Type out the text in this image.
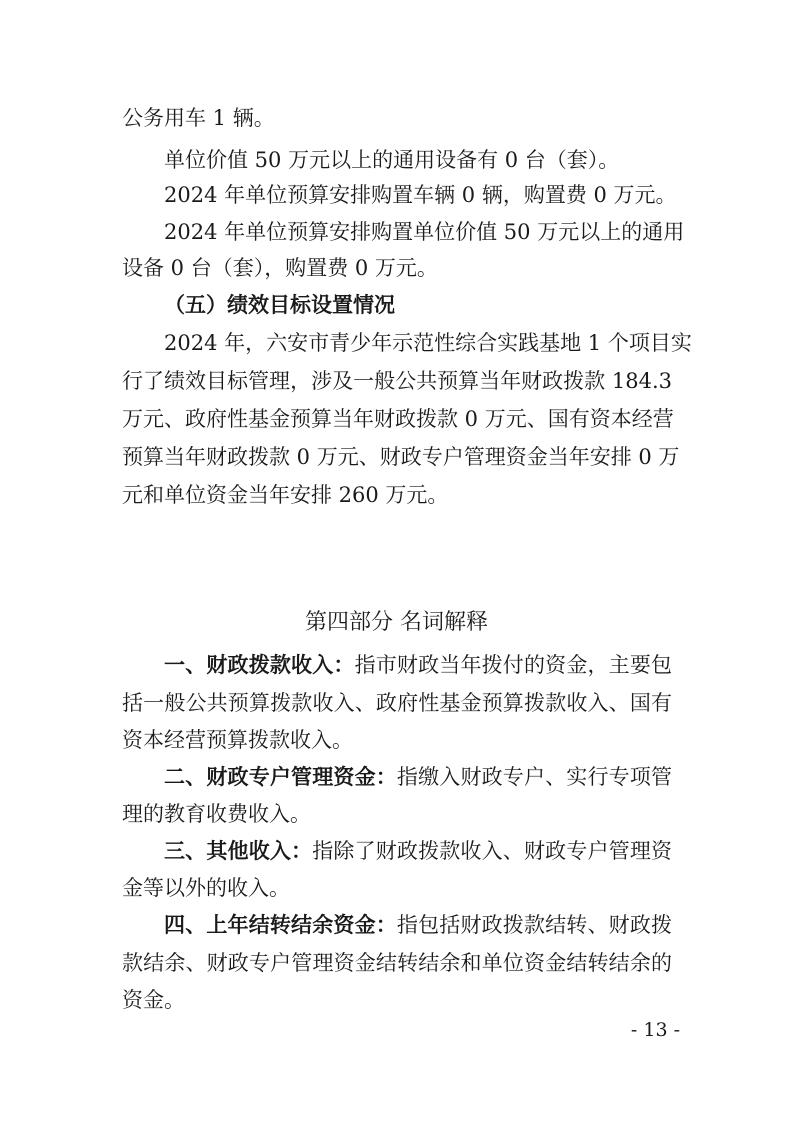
公务用车 1 辆。
单位价值 50 万元以上的通用设备有 0 台（套）。
2024 年单位预算安排购置车辆 0 辆，购置费 0 万元。
2024 年单位预算安排购置单位价值 50 万元以上的通用
设备 0 台（套），购置费 0 万元。
（五）绩效目标设置情况
2024 年，六安市青少年示范性综合实践基地 1 个项目实
行了绩效目标管理，涉及一般公共预算当年财政拨款 184.3
万元、政府性基金预算当年财政拨款 0 万元、国有资本经营
预算当年财政拨款 0 万元、财政专户管理资金当年安排 0 万
元和单位资金当年安排 260 万元。
第四部分 名词解释
一、财政拨款收入：指市财政当年拨付的资金，主要包
括一般公共预算拨款收入、政府性基金预算拨款收入、国有
资本经营预算拨款收入。
二、财政专户管理资金：指缴入财政专户、实行专项管
理的教育收费收入。
三、其他收入：指除了财政拨款收入、财政专户管理资
金等以外的收入。
四、上年结转结余资金：指包括财政拨款结转、财政拨
款结余、财政专户管理资金结转结余和单位资金结转结余的
资金。
- 13 -
